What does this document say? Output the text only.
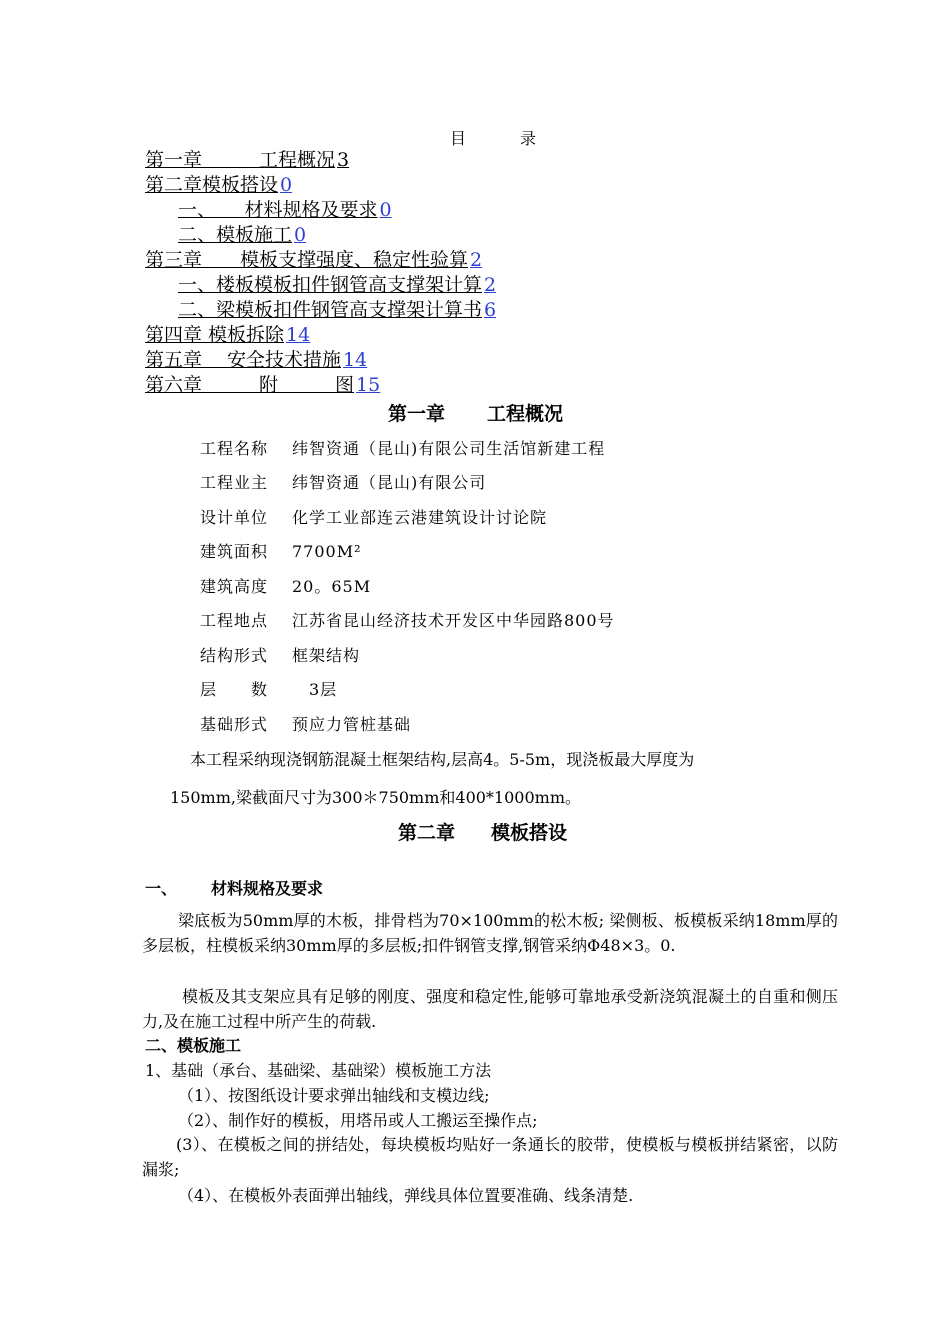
目	录
第一章　　　工程概况 3
第二章模板搭设 0
一、　　材料规格及要求 0
二、模板施工 0
第三章　　模板支撑强度、稳定性验算 2
一、楼板模板扣件钢管高支撑架计算 2
二、梁模板扣件钢管高支撑架计算书 6
第四章 模板拆除 14
第五章　 安全技术措施 14
第六章　　　附　　　图 15
第一章 工程概况
工程名称 纬智资通（昆山)有限公司生活馆新建工程
工程业主 纬智资通（昆山)有限公司
设计单位 化学工业部连云港建筑设计讨论院
建筑面积 7700M²
建筑高度 20。65M
工程地点 江苏省昆山经济技术开发区中华园路800号
结构形式 框架结构
层　　数　3层
基础形式 预应力管桩基础
本工程采纳现浇钢筋混凝土框架结构,层高4。5-5m，现浇板最大厚度为
150mm,梁截面尺寸为300＊750mm和400*1000mm。
第二章 模板搭设
一、 材料规格及要求
梁底板为50mm厚的木板，排骨档为70×100mm的松木板; 梁侧板、板模板采纳18mm厚的多层板，柱模板采纳30mm厚的多层板;扣件钢管支撑,钢管采纳Φ48×3。0.
模板及其支架应具有足够的刚度、强度和稳定性,能够可靠地承受新浇筑混凝土的自重和侧压力,及在施工过程中所产生的荷载.
二、模板施工
1、基础（承台、基础梁、基础梁）模板施工方法
（1）、按图纸设计要求弹出轴线和支模边线;
（2）、制作好的模板，用塔吊或人工搬运至操作点;
(3）、在模板之间的拼结处，每块模板均贴好一条通长的胶带，使模板与模板拼结紧密，以防漏浆;
（4）、在模板外表面弹出轴线，弹线具体位置要准确、线条清楚.
